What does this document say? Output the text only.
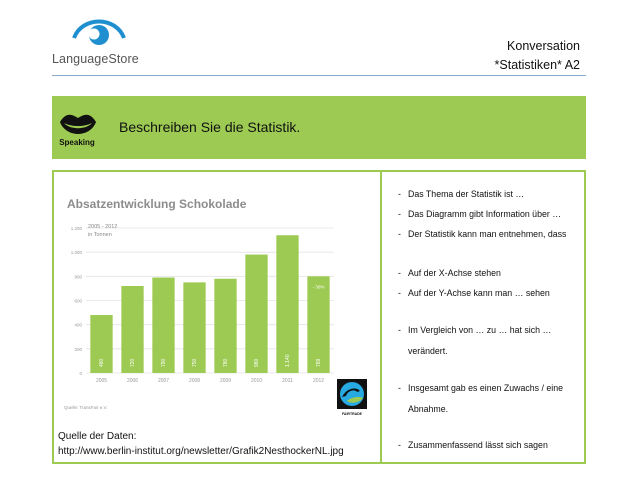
LanguageStore
Konversation
*Statistiken* A2
Speaking
Beschreiben Sie die Statistik.
0
200
400
600
800
1.000
1.200
480
2005
720
2006
790
2007
750
2008
780
2009
980
2010
1.140
2011
789
2012
- 30%
Absatzentwicklung Schokolade
2005 - 2012
in Tonnen
Quelle: TransFair e.V.
FAIRTRADE
Quelle der Daten:
http://www.berlin-institut.org/newsletter/Grafik2NesthockerNL.jpg
- Das Thema der Statistik ist …
- Das Diagramm gibt Information über …
- Der Statistik kann man entnehmen, dass
- Auf der X-Achse stehen
- Auf der Y-Achse kann man … sehen
- Im Vergleich von … zu … hat sich …
verändert.
- Insgesamt gab es einen Zuwachs / eine
Abnahme.
- Zusammenfassend lässt sich sagen
